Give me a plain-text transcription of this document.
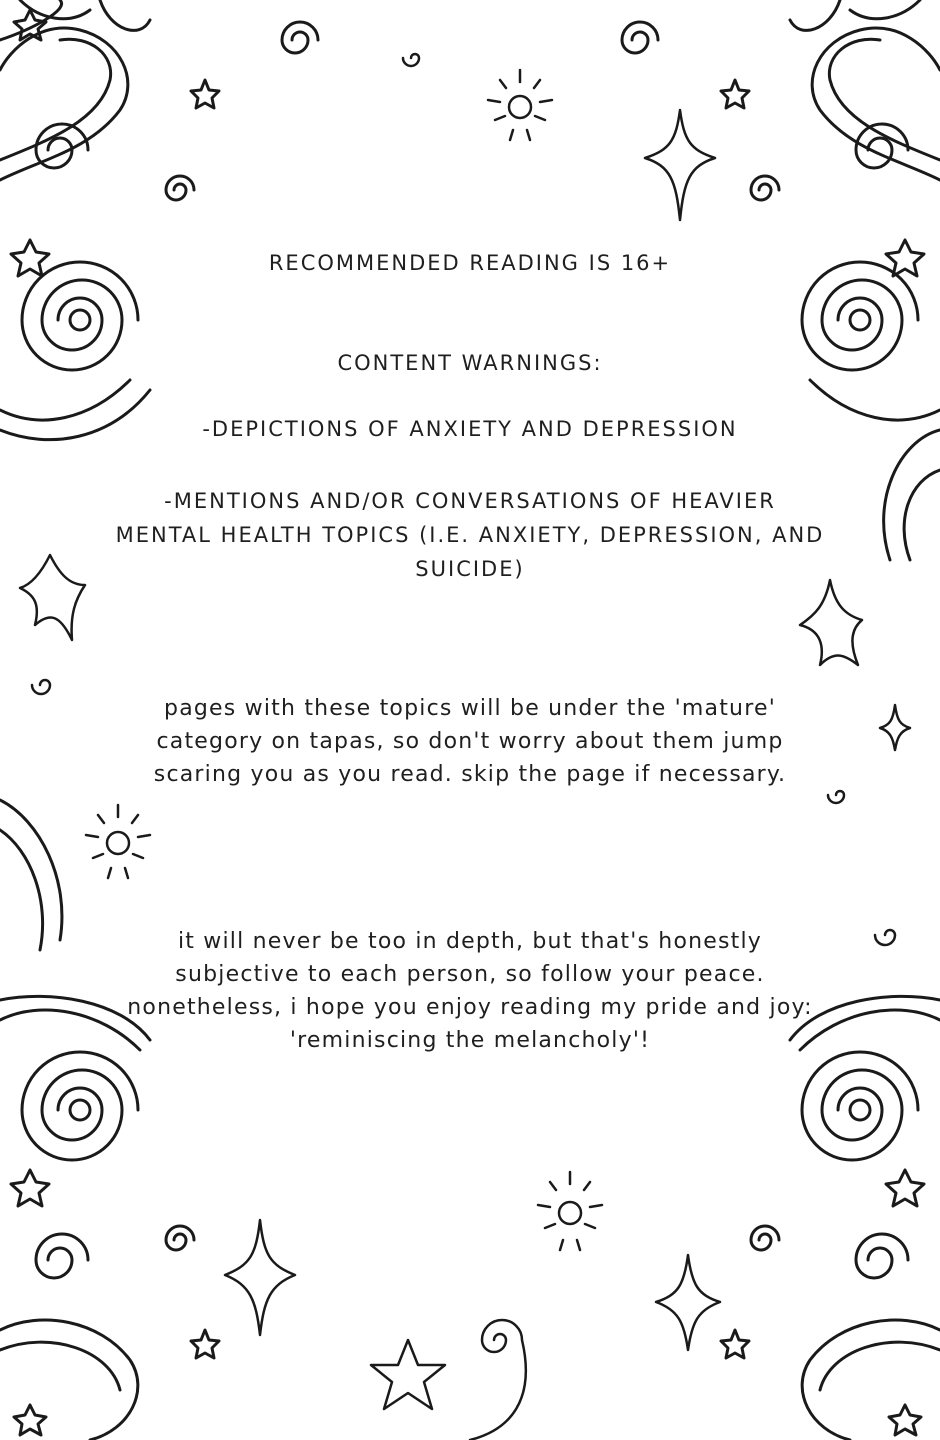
RECOMMENDED READING IS 16+

CONTENT WARNINGS:

-DEPICTIONS OF ANXIETY AND DEPRESSION

-MENTIONS AND/OR CONVERSATIONS OF HEAVIER MENTAL HEALTH TOPICS (I.E. ANXIETY, DEPRESSION, AND SUICIDE)

pages with these topics will be under the 'mature' category on tapas, so don't worry about them jump scaring you as you read. skip the page if necessary.

it will never be too in depth, but that's honestly subjective to each person, so follow your peace. nonetheless, i hope you enjoy reading my pride and joy: 'reminiscing the melancholy'!
